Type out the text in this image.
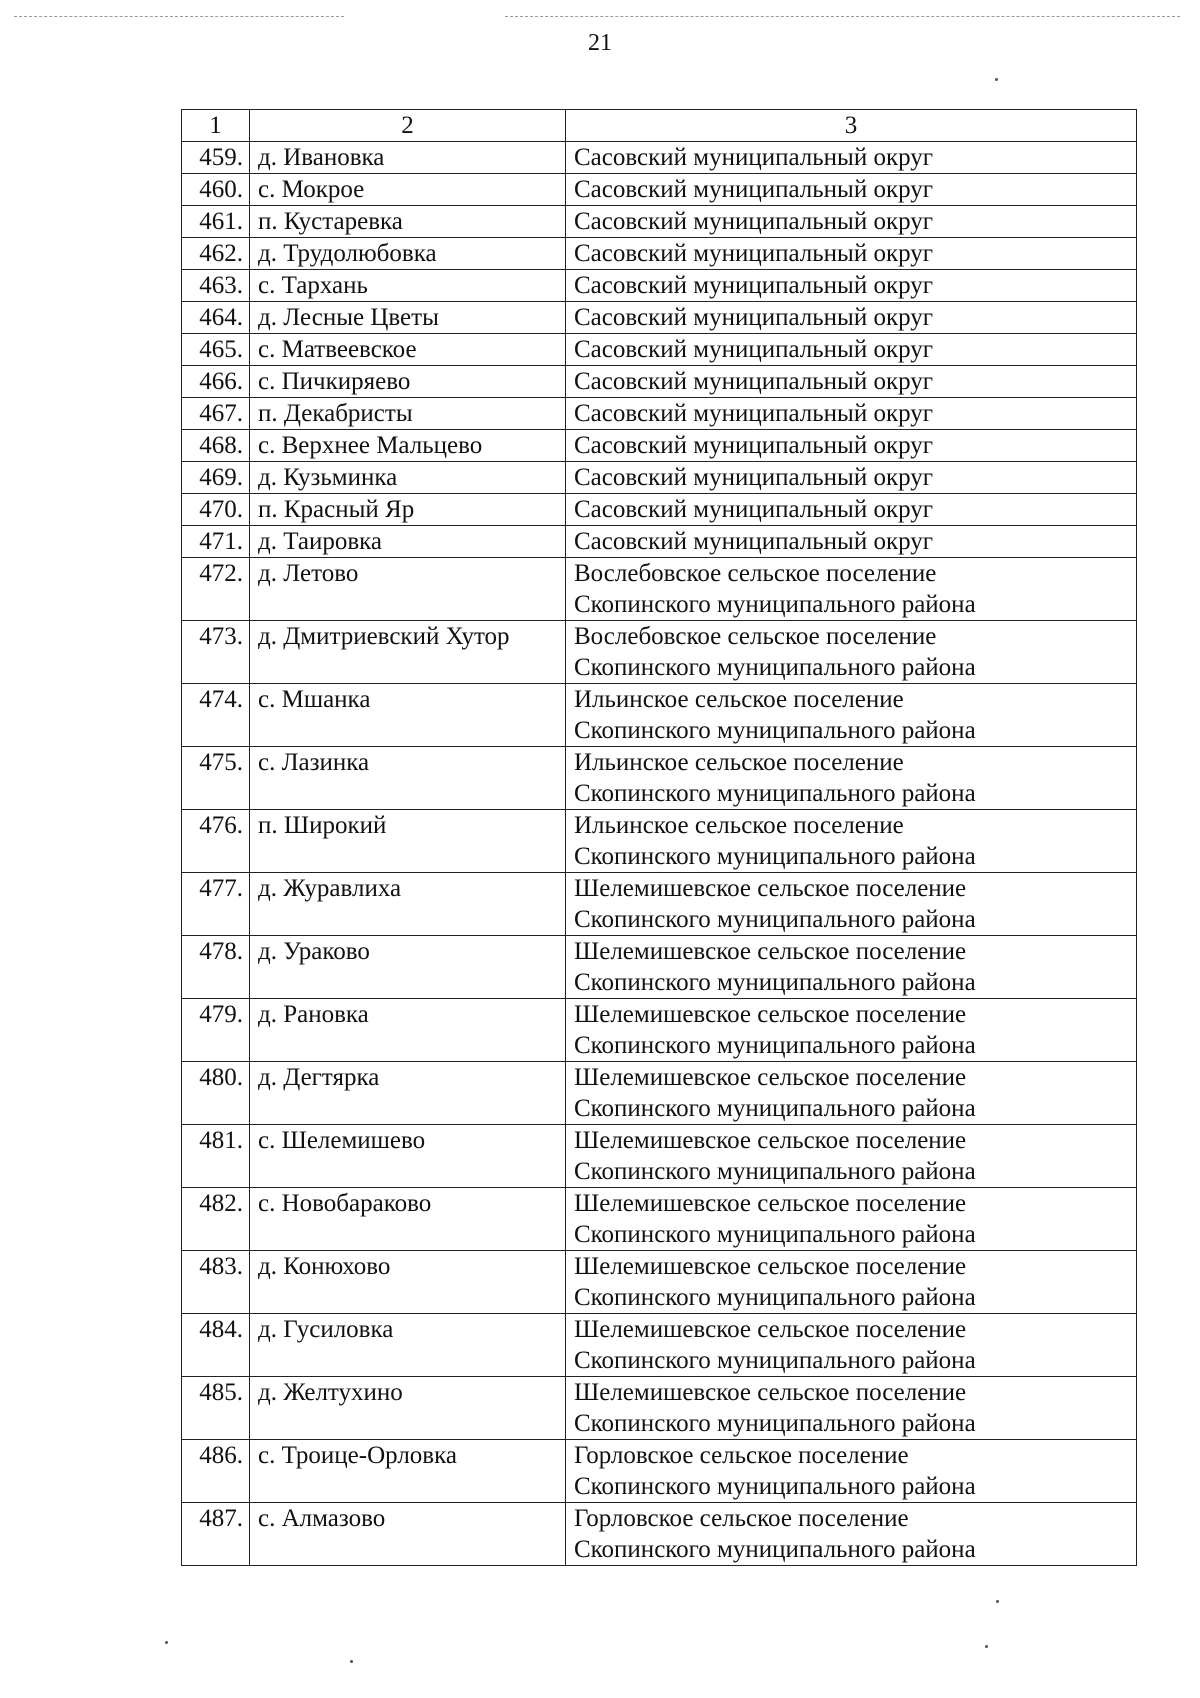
21
1	2	3
459.	д. Ивановка	Сасовский муниципальный округ

460.	с. Мокрое	Сасовский муниципальный округ

461.	п. Кустаревка	Сасовский муниципальный округ

462.	д. Трудолюбовка	Сасовский муниципальный округ

463.	с. Тархань	Сасовский муниципальный округ

464.	д. Лесные Цветы	Сасовский муниципальный округ

465.	с. Матвеевское	Сасовский муниципальный округ

466.	с. Пичкиряево	Сасовский муниципальный округ

467.	п. Декабристы	Сасовский муниципальный округ

468.	с. Верхнее Мальцево	Сасовский муниципальный округ

469.	д. Кузьминка	Сасовский муниципальный округ

470.	п. Красный Яр	Сасовский муниципальный округ

471.	д. Таировка	Сасовский муниципальный округ

472.	д. Летово	Вослебовское сельское поселение
Скопинского муниципального района

473.	д. Дмитриевский Хутор	Вослебовское сельское поселение
Скопинского муниципального района

474.	с. Мшанка	Ильинское сельское поселение
Скопинского муниципального района

475.	с. Лазинка	Ильинское сельское поселение
Скопинского муниципального района

476.	п. Широкий	Ильинское сельское поселение
Скопинского муниципального района

477.	д. Журавлиха	Шелемишевское сельское поселение
Скопинского муниципального района

478.	д. Ураково	Шелемишевское сельское поселение
Скопинского муниципального района

479.	д. Рановка	Шелемишевское сельское поселение
Скопинского муниципального района

480.	д. Дегтярка	Шелемишевское сельское поселение
Скопинского муниципального района

481.	с. Шелемишево	Шелемишевское сельское поселение
Скопинского муниципального района

482.	с. Новобараково	Шелемишевское сельское поселение
Скопинского муниципального района

483.	д. Конюхово	Шелемишевское сельское поселение
Скопинского муниципального района

484.	д. Гусиловка	Шелемишевское сельское поселение
Скопинского муниципального района

485.	д. Желтухино	Шелемишевское сельское поселение
Скопинского муниципального района

486.	с. Троице-Орловка	Горловское сельское поселение
Скопинского муниципального района

487.	с. Алмазово	Горловское сельское поселение
Скопинского муниципального района
